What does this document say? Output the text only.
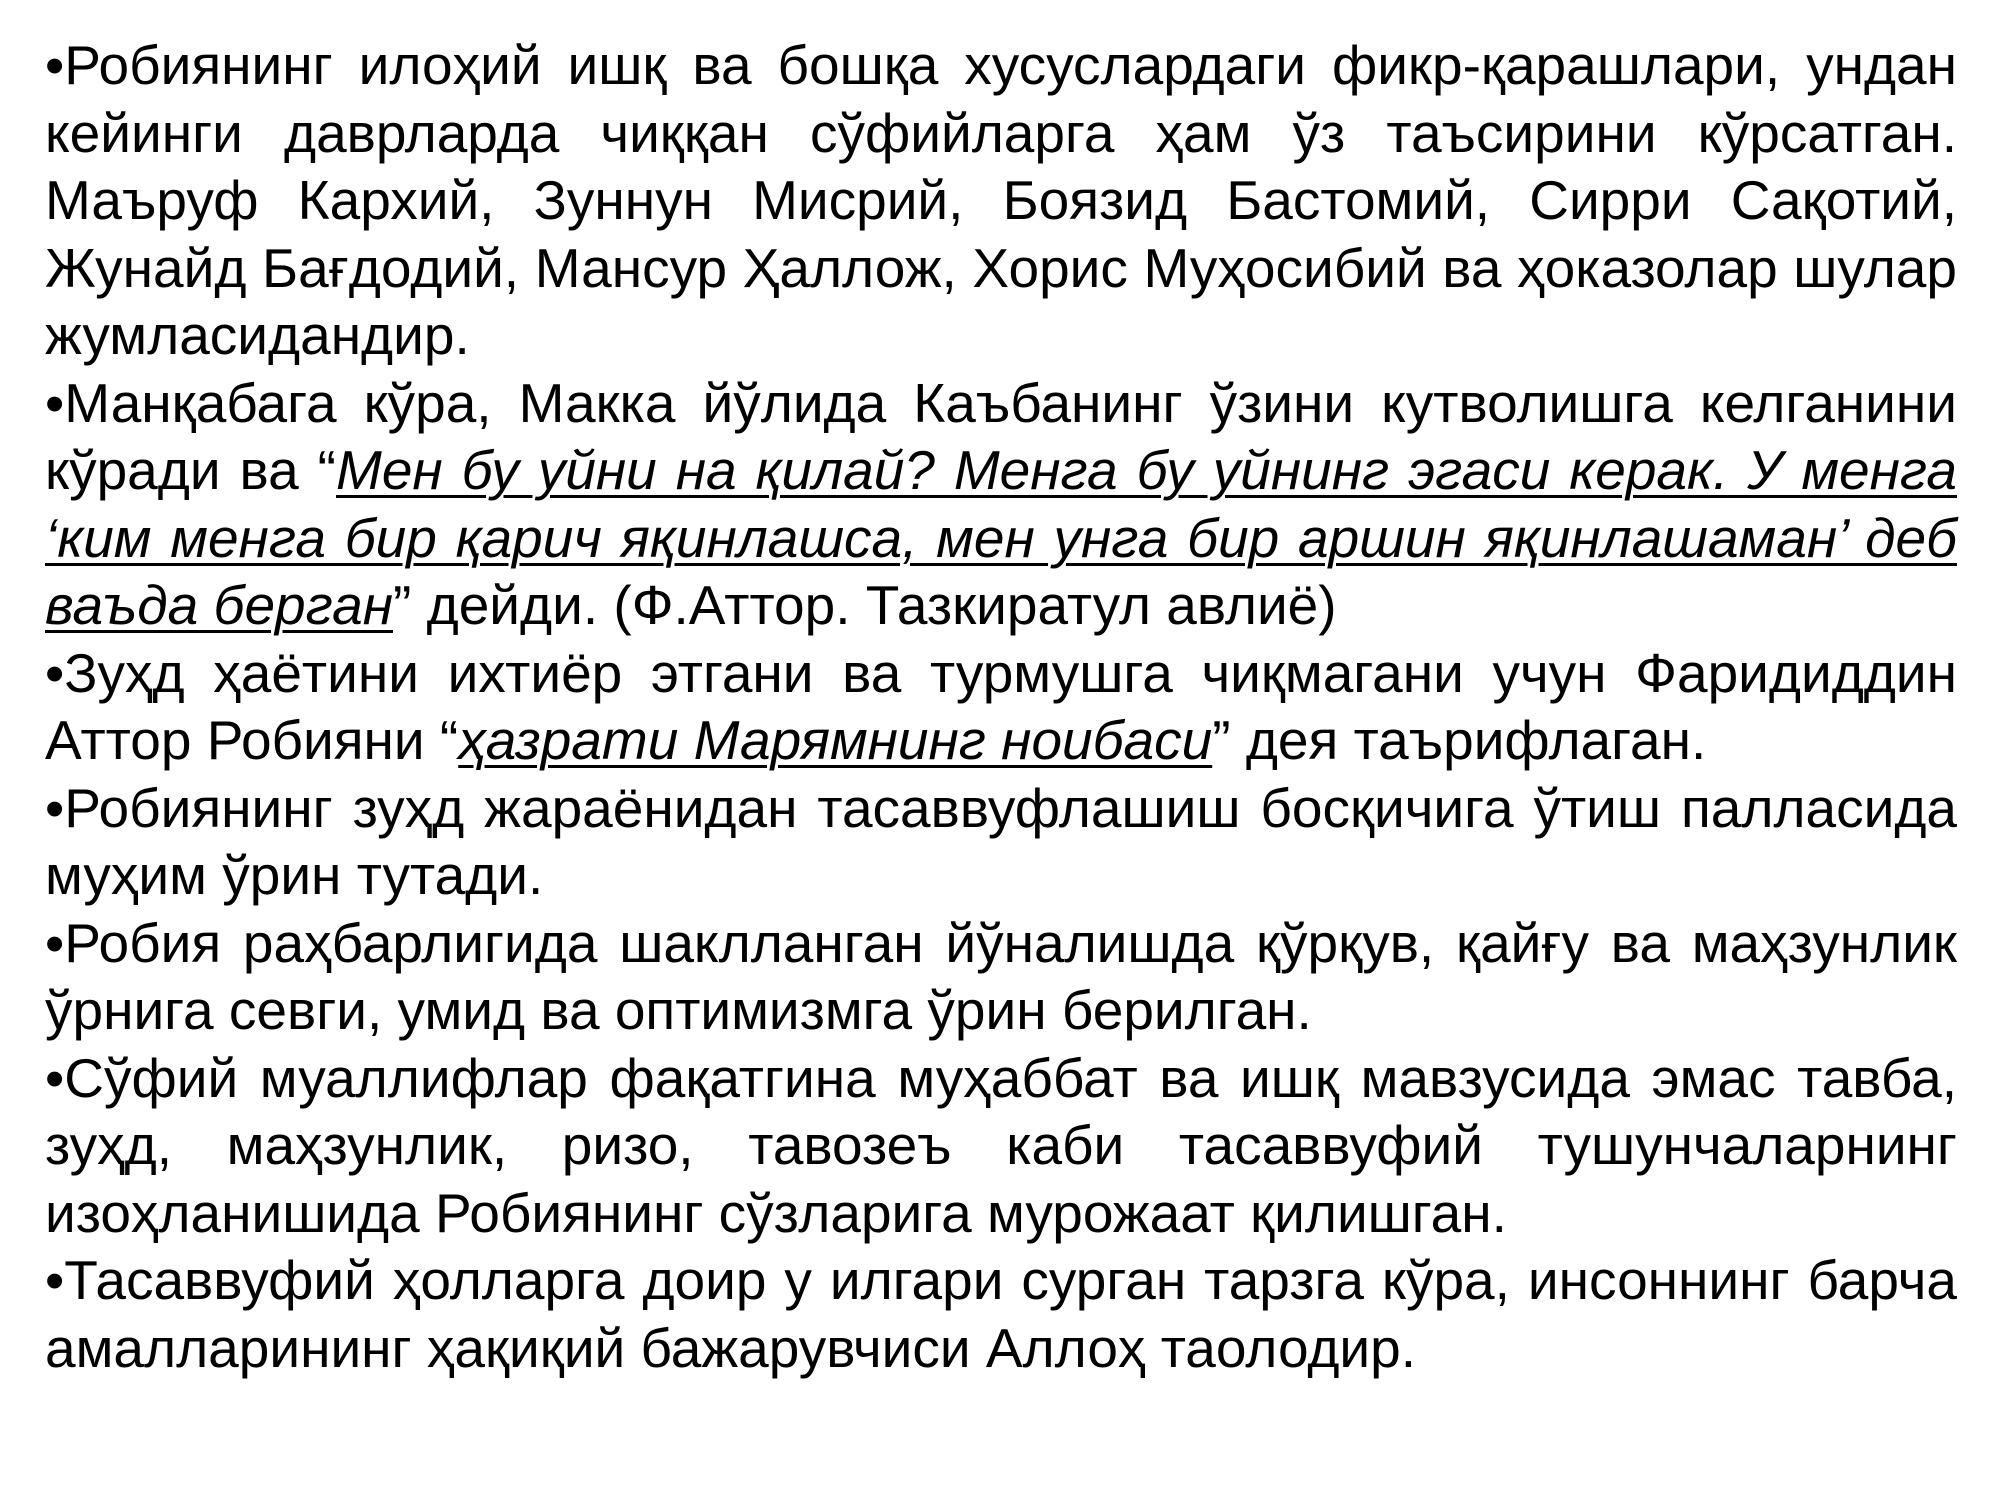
•Робиянинг илоҳий ишқ ва бошқа хусуслардаги фикр-қарашлари, ундан кейинги даврларда чиққан сўфийларга ҳам ўз таъсирини кўрсатган. Маъруф Кархий, Зуннун Мисрий, Боязид Бастомий, Сирри Сақотий, Жунайд Бағдодий, Мансур Ҳаллож, Хорис Муҳосибий ва ҳоказолар шулар жумласидандир.

•Манқабага кўра, Макка йўлида Каъбанинг ўзини кутволишга келганини кўради ва “Мен бу уйни на қилай? Менга бу уйнинг эгаси керак. У менга ‘ким менга бир қарич яқинлашса, мен унга бир аршин яқинлашаман’ деб ваъда берган” дейди. (Ф.Аттор. Тазкиратул авлиё)

•Зуҳд ҳаётини ихтиёр этгани ва турмушга чиқмагани учун Фаридиддин Аттор Робияни “ҳазрати Марямнинг ноибаси” дея таърифлаган.

•Робиянинг зуҳд жараёнидан тасаввуфлашиш босқичига ўтиш палласида муҳим ўрин тутади.

•Робия раҳбарлигида шаклланган йўналишда қўрқув, қайғу ва маҳзунлик ўрнига севги, умид ва оптимизмга ўрин берилган.

•Сўфий муаллифлар фақатгина муҳаббат ва ишқ мавзусида эмас тавба, зуҳд, маҳзунлик, ризо, тавозеъ каби тасаввуфий тушунчаларнинг изоҳланишида Робиянинг сўзларига мурожаат қилишган.

•Тасаввуфий ҳолларга доир у илгари сурган тарзга кўра, инсоннинг барча амалларининг ҳақиқий бажарувчиси Аллоҳ таолодир.
